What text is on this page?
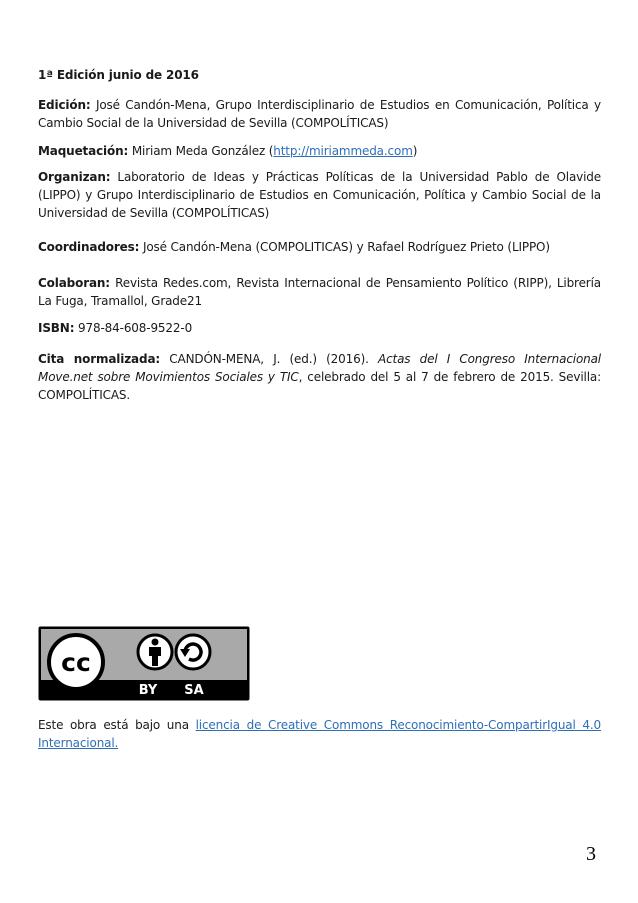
1ª Edición junio de 2016

Edición: José Candón-Mena, Grupo Interdisciplinario de Estudios en Comunicación, Política y Cambio Social de la Universidad de Sevilla (COMPOLÍTICAS)

Maquetación: Miriam Meda González (http://miriammeda.com)

Organizan: Laboratorio de Ideas y Prácticas Políticas de la Universidad Pablo de Olavide (LIPPO) y Grupo Interdisciplinario de Estudios en Comunicación, Política y Cambio Social de la Universidad de Sevilla (COMPOLÍTICAS)

Coordinadores: José Candón-Mena (COMPOLITICAS) y Rafael Rodríguez Prieto (LIPPO)

Colaboran: Revista Redes.com, Revista Internacional de Pensamiento Político (RIPP), Librería La Fuga, Tramallol, Grade21

ISBN: 978-84-608-9522-0

Cita normalizada: CANDÓN-MENA, J. (ed.) (2016). Actas del I Congreso Internacional Move.net sobre Movimientos Sociales y TIC, celebrado del 5 al 7 de febrero de 2015. Sevilla: COMPOLÍTICAS.

cc
BY SA

Este obra está bajo una licencia de Creative Commons Reconocimiento-CompartirIgual 4.0 Internacional.

3
